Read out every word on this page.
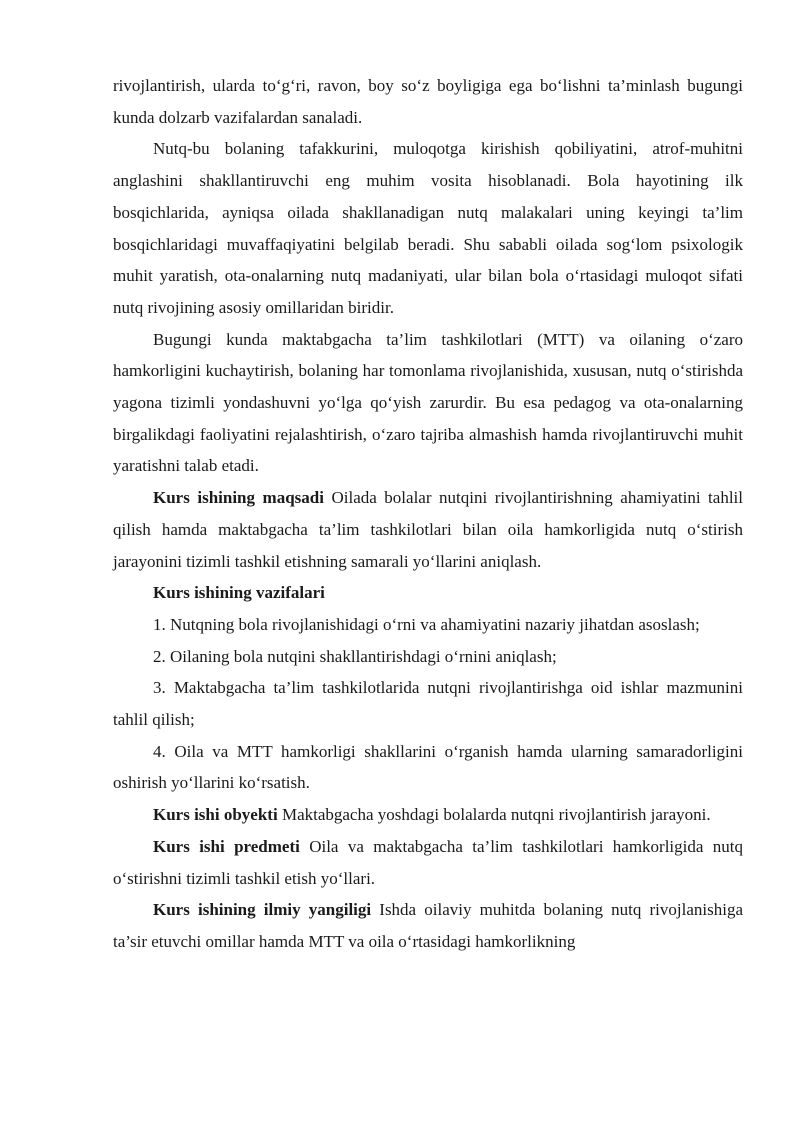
rivojlantirish, ularda to‘g‘ri, ravon, boy so‘z boyligiga ega bo‘lishni ta’minlash bugungi kunda dolzarb vazifalardan sanaladi.

Nutq-bu bolaning tafakkurini, muloqotga kirishish qobiliyatini, atrof-muhitni anglashini shakllantiruvchi eng muhim vosita hisoblanadi. Bola hayotining ilk bosqichlarida, ayniqsa oilada shakllanadigan nutq malakalari uning keyingi ta’lim bosqichlaridagi muvaffaqiyatini belgilab beradi. Shu sababli oilada sog‘lom psixologik muhit yaratish, ota-onalarning nutq madaniyati, ular bilan bola o‘rtasidagi muloqot sifati nutq rivojining asosiy omillaridan biridir.

Bugungi kunda maktabgacha ta’lim tashkilotlari (MTT) va oilaning o‘zaro hamkorligini kuchaytirish, bolaning har tomonlama rivojlanishida, xususan, nutq o‘stirishda yagona tizimli yondashuvni yo‘lga qo‘yish zarurdir. Bu esa pedagog va ota-onalarning birgalikdagi faoliyatini rejalashtirish, o‘zaro tajriba almashish hamda rivojlantiruvchi muhit yaratishni talab etadi.

Kurs ishining maqsadi Oilada bolalar nutqini rivojlantirishning ahamiyatini tahlil qilish hamda maktabgacha ta’lim tashkilotlari bilan oila hamkorligida nutq o‘stirish jarayonini tizimli tashkil etishning samarali yo‘llarini aniqlash.

Kurs ishining vazifalari

1. Nutqning bola rivojlanishidagi o‘rni va ahamiyatini nazariy jihatdan asoslash;

2. Oilaning bola nutqini shakllantirishdagi o‘rnini aniqlash;

3. Maktabgacha ta’lim tashkilotlarida nutqni rivojlantirishga oid ishlar mazmunini tahlil qilish;

4. Oila va MTT hamkorligi shakllarini o‘rganish hamda ularning samaradorligini oshirish yo‘llarini ko‘rsatish.

Kurs ishi obyekti Maktabgacha yoshdagi bolalarda nutqni rivojlantirish jarayoni.

Kurs ishi predmeti Oila va maktabgacha ta’lim tashkilotlari hamkorligida nutq o‘stirishni tizimli tashkil etish yo‘llari.

Kurs ishining ilmiy yangiligi Ishda oilaviy muhitda bolaning nutq rivojlanishiga ta’sir etuvchi omillar hamda MTT va oila o‘rtasidagi hamkorlikning
